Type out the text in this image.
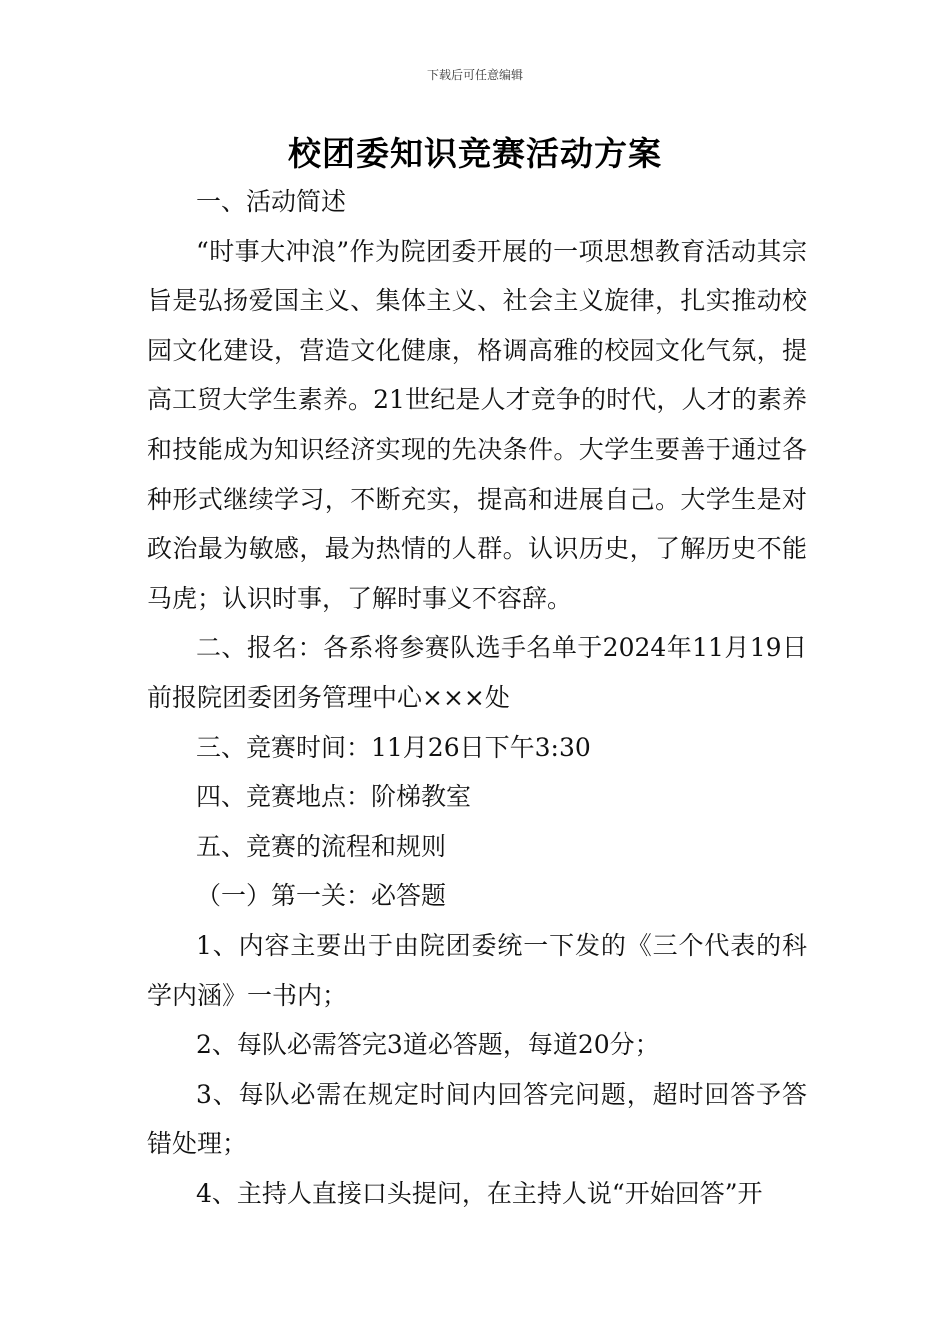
下载后可任意编辑
校团委知识竞赛活动方案

一、活动简述

“时事大冲浪”作为院团委开展的一项思想教育活动其宗旨是弘扬爱国主义、集体主义、社会主义旋律，扎实推动校园文化建设，营造文化健康，格调高雅的校园文化气氛，提高工贸大学生素养。21世纪是人才竞争的时代，人才的素养和技能成为知识经济实现的先决条件。大学生要善于通过各种形式继续学习，不断充实，提高和进展自己。大学生是对政治最为敏感，最为热情的人群。认识历史，了解历史不能马虎；认识时事，了解时事义不容辞。

二、报名：各系将参赛队选手名单于2024年11月19日前报院团委团务管理中心×××处

三、竞赛时间：11月26日下午3:30

四、竞赛地点：阶梯教室

五、竞赛的流程和规则

（一）第一关：必答题

1、内容主要出于由院团委统一下发的《三个代表的科学内涵》一书内；

2、每队必需答完3道必答题，每道20分；

3、每队必需在规定时间内回答完问题，超时回答予答错处理；

4、主持人直接口头提问，在主持人说“开始回答”开
